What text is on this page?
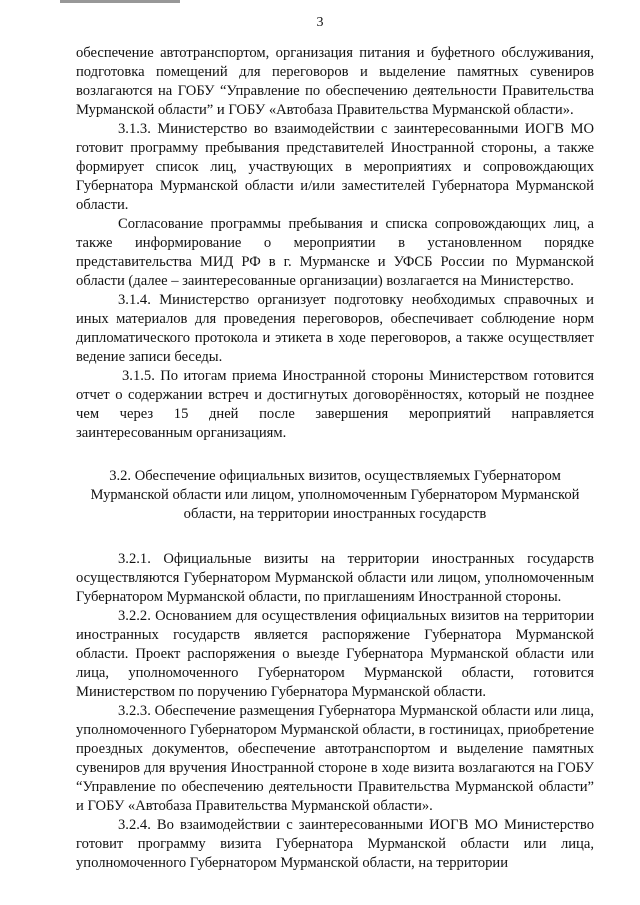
3

обеспечение автотранспортом, организация питания и буфетного обслуживания, подготовка помещений для переговоров и выделение памятных сувениров возлагаются на ГОБУ “Управление по обеспечению деятельности Правительства Мурманской области” и ГОБУ «Автобаза Правительства Мурманской области».

3.1.3. Министерство во взаимодействии с заинтересованными ИОГВ МО готовит программу пребывания представителей Иностранной стороны, а также формирует список лиц, участвующих в мероприятиях и сопровождающих Губернатора Мурманской области и/или заместителей Губернатора Мурманской области.

Согласование программы пребывания и списка сопровождающих лиц, а также информирование о мероприятии в установленном порядке представительства МИД РФ в г. Мурманске и УФСБ России по Мурманской области (далее – заинтересованные организации) возлагается на Министерство.

3.1.4. Министерство организует подготовку необходимых справочных и иных материалов для проведения переговоров, обеспечивает соблюдение норм дипломатического протокола и этикета в ходе переговоров, а также осуществляет ведение записи беседы.

3.1.5. По итогам приема Иностранной стороны Министерством готовится отчет о содержании встреч и достигнутых договорённостях, который не позднее чем через 15 дней после завершения мероприятий направляется заинтересованным организациям.

3.2. Обеспечение официальных визитов, осуществляемых Губернатором
Мурманской области или лицом, уполномоченным Губернатором Мурманской
области, на территории иностранных государств

3.2.1. Официальные визиты на территории иностранных государств осуществляются Губернатором Мурманской области или лицом, уполномоченным Губернатором Мурманской области, по приглашениям Иностранной стороны.

3.2.2. Основанием для осуществления официальных визитов на территории иностранных государств является распоряжение Губернатора Мурманской области. Проект распоряжения о выезде Губернатора Мурманской области или лица, уполномоченного Губернатором Мурманской области, готовится Министерством по поручению Губернатора Мурманской области.

3.2.3. Обеспечение размещения Губернатора Мурманской области или лица, уполномоченного Губернатором Мурманской области, в гостиницах, приобретение проездных документов, обеспечение автотранспортом и выделение памятных сувениров для вручения Иностранной стороне в ходе визита возлагаются на ГОБУ “Управление по обеспечению деятельности Правительства Мурманской области” и ГОБУ «Автобаза Правительства Мурманской области».

3.2.4. Во взаимодействии с заинтересованными ИОГВ МО Министерство готовит программу визита Губернатора Мурманской области или лица, уполномоченного Губернатором Мурманской области, на территории
